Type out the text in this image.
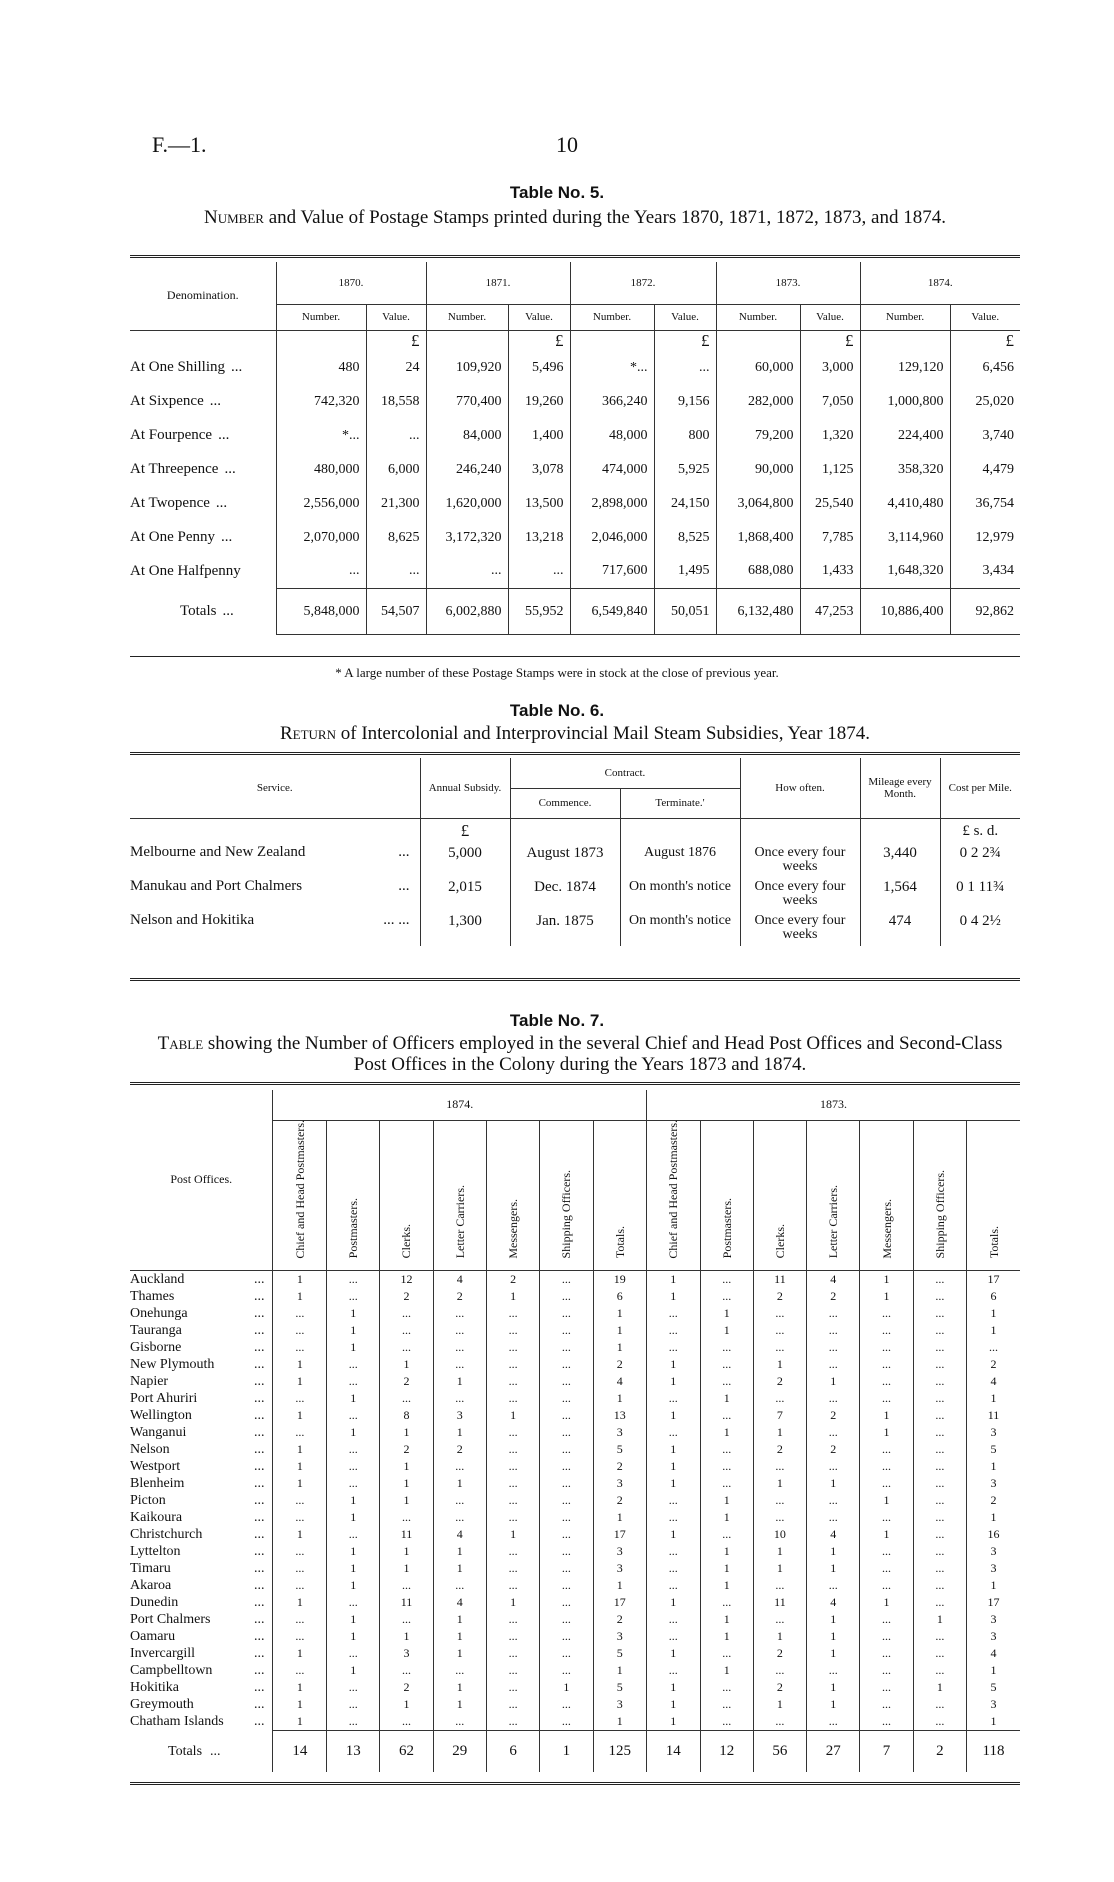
F.—1.	10
Table No. 5.
Number and Value of Postage Stamps printed during the Years 1870, 1871, 1872, 1873, and 1874.
Denomination.	1870.		1871.		1872.		1873.		1874.	
	Number.	Value.	Number.	Value.	Number.	Value.	Number.	Value.	Number.	Value.
		£		£		£		£		£
At One Shilling ...	480	24	109,920	5,496	*...	...	60,000	3,000	129,120	6,456
At Sixpence ...	742,320	18,558	770,400	19,260	366,240	9,156	282,000	7,050	1,000,800	25,020
At Fourpence ...	*...	...	84,000	1,400	48,000	800	79,200	1,320	224,400	3,740
At Threepence ...	480,000	6,000	246,240	3,078	474,000	5,925	90,000	1,125	358,320	4,479
At Twopence ...	2,556,000	21,300	1,620,000	13,500	2,898,000	24,150	3,064,800	25,540	4,410,480	36,754
At One Penny ...	2,070,000	8,625	3,172,320	13,218	2,046,000	8,525	1,868,400	7,785	3,114,960	12,979
At One Halfpenny	...	...	...	...	717,600	1,495	688,080	1,433	1,648,320	3,434
Totals ...	5,848,000	54,507	6,002,880	55,952	6,549,840	50,051	6,132,480	47,253	10,886,400	92,862
* A large number of these Postage Stamps were in stock at the close of previous year.
Table No. 6.
Return of Intercolonial and Interprovincial Mail Steam Subsidies, Year 1874.
Service.	Annual Subsidy.	Contract.		How often.	Mileage every Month.	Cost per Mile.
		Commence.	Terminate.'			
	£					£ s. d.
Melbourne and New Zealand ...	5,000	August 1873	August 1876	Once every four weeks	3,440	0 2 2¾
Manukau and Port Chalmers ...	2,015	Dec. 1874	On month's notice	Once every four weeks	1,564	0 1 11¾
Nelson and Hokitika ... ...	1,300	Jan. 1875	On month's notice	Once every four weeks	474	0 4 2½
Table No. 7.
Table showing the Number of Officers employed in the several Chief and Head Post Offices and Second-Class Post Offices in the Colony during the Years 1873 and 1874.
Post Offices.	1874.							1873.						
	Chief and Head Postmasters.	Postmasters.	Clerks.	Letter Carriers.	Messengers.	Shipping Officers.	Totals.	Chief and Head Postmasters.	Postmasters.	Clerks.	Letter Carriers.	Messengers.	Shipping Officers.	Totals.
Auckland ...	1	...	12	4	2	...	19	1	...	11	4	1	...	17
Thames ...	1	...	2	2	1	...	6	1	...	2	2	1	...	6
Onehunga ...	...	1	...	...	...	...	1	...	1	...	...	...	...	1
Tauranga ...	...	1	...	...	...	...	1	...	1	...	...	...	...	1
Gisborne ...	...	1	...	...	...	...	1	...	...	...	...	...	...	...
New Plymouth ...	1	...	1	...	...	...	2	1	...	1	...	...	...	2
Napier ...	1	...	2	1	...	...	4	1	...	2	1	...	...	4
Port Ahuriri ...	...	1	...	...	...	...	1	...	1	...	...	...	...	1
Wellington ...	1	...	8	3	1	...	13	1	...	7	2	1	...	11
Wanganui ...	...	1	1	1	...	...	3	...	1	1	...	1	...	3
Nelson ...	1	...	2	2	...	...	5	1	...	2	2	...	...	5
Westport ...	1	...	1	...	...	...	2	1	...	...	...	...	...	1
Blenheim ...	1	...	1	1	...	...	3	1	...	1	1	...	...	3
Picton ...	...	1	1	...	...	...	2	...	1	...	...	1	...	2
Kaikoura ...	...	1	...	...	...	...	1	...	1	...	...	...	...	1
Christchurch ...	1	...	11	4	1	...	17	1	...	10	4	1	...	16
Lyttelton ...	...	1	1	1	...	...	3	...	1	1	1	...	...	3
Timaru ...	...	1	1	1	...	...	3	...	1	1	1	...	...	3
Akaroa ...	...	1	...	...	...	...	1	...	1	...	...	...	...	1
Dunedin ...	1	...	11	4	1	...	17	1	...	11	4	1	...	17
Port Chalmers ...	...	1	...	1	...	...	2	...	1	...	1	...	1	3
Oamaru ...	...	1	1	1	...	...	3	...	1	1	1	...	...	3
Invercargill ...	1	...	3	1	...	...	5	1	...	2	1	...	...	4
Campbelltown ...	...	1	...	...	...	...	1	...	1	...	...	...	...	1
Hokitika ...	1	...	2	1	...	1	5	1	...	2	1	...	1	5
Greymouth ...	1	...	1	1	...	...	3	1	...	1	1	...	...	3
Chatham Islands ...	1	...	...	...	...	...	1	1	...	...	...	...	...	1
Totals ...	14	13	62	29	6	1	125	14	12	56	27	7	2	118
